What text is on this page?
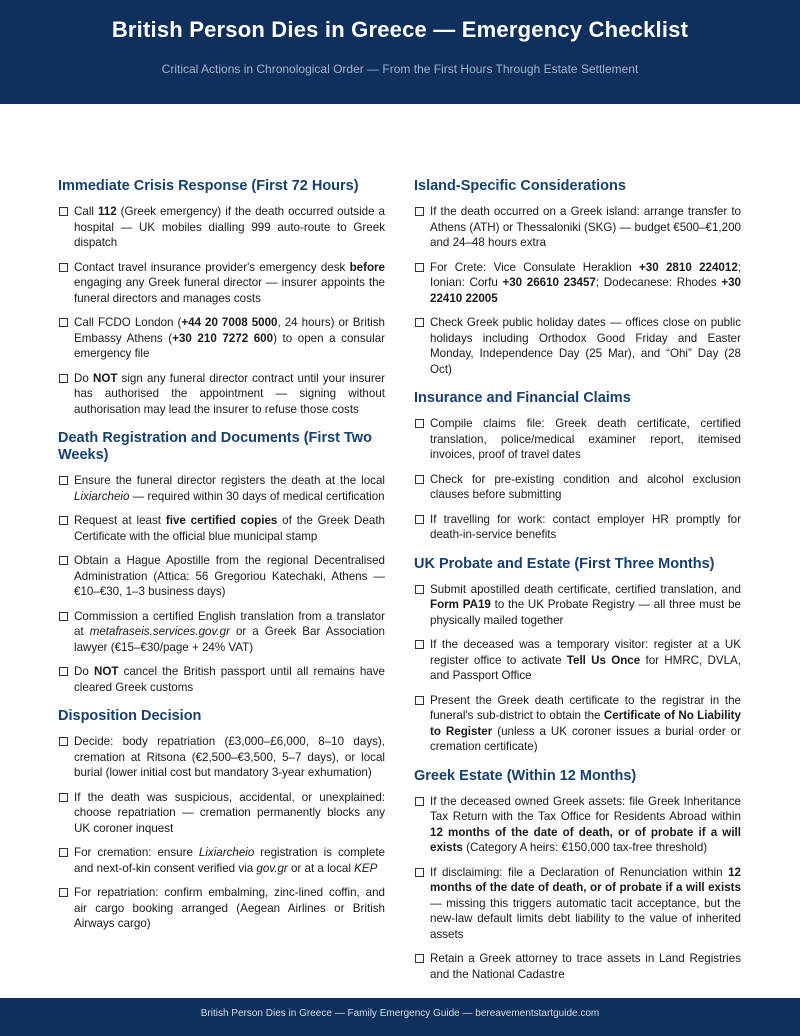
British Person Dies in Greece — Emergency Checklist
Critical Actions in Chronological Order — From the First Hours Through Estate Settlement
Immediate Crisis Response (First 72 Hours)
Call 112 (Greek emergency) if the death occurred outside a hospital — UK mobiles dialling 999 auto-route to Greek dispatch
Contact travel insurance provider's emergency desk before engaging any Greek funeral director — insurer appoints the funeral directors and manages costs
Call FCDO London (+44 20 7008 5000, 24 hours) or British Embassy Athens (+30 210 7272 600) to open a consular emergency file
Do NOT sign any funeral director contract until your insurer has authorised the appointment — signing without authorisation may lead the insurer to refuse those costs
Death Registration and Documents (First Two Weeks)
Ensure the funeral director registers the death at the local Lixiarcheio — required within 30 days of medical certification
Request at least five certified copies of the Greek Death Certificate with the official blue municipal stamp
Obtain a Hague Apostille from the regional Decentralised Administration (Attica: 56 Gregoriou Katechaki, Athens — €10–€30, 1–3 business days)
Commission a certified English translation from a translator at metafraseis.services.gov.gr or a Greek Bar Association lawyer (€15–€30/page + 24% VAT)
Do NOT cancel the British passport until all remains have cleared Greek customs
Disposition Decision
Decide: body repatriation (£3,000–£6,000, 8–10 days), cremation at Ritsona (€2,500–€3,500, 5–7 days), or local burial (lower initial cost but mandatory 3-year exhumation)
If the death was suspicious, accidental, or unexplained: choose repatriation — cremation permanently blocks any UK coroner inquest
For cremation: ensure Lixiarcheio registration is complete and next-of-kin consent verified via gov.gr or at a local KEP
For repatriation: confirm embalming, zinc-lined coffin, and air cargo booking arranged (Aegean Airlines or British Airways cargo)
Island-Specific Considerations
If the death occurred on a Greek island: arrange transfer to Athens (ATH) or Thessaloniki (SKG) — budget €500–€1,200 and 24–48 hours extra
For Crete: Vice Consulate Heraklion +30 2810 224012; Ionian: Corfu +30 26610 23457; Dodecanese: Rhodes +30 22410 22005
Check Greek public holiday dates — offices close on public holidays including Orthodox Good Friday and Easter Monday, Independence Day (25 Mar), and “Ohi” Day (28 Oct)
Insurance and Financial Claims
Compile claims file: Greek death certificate, certified translation, police/medical examiner report, itemised invoices, proof of travel dates
Check for pre-existing condition and alcohol exclusion clauses before submitting
If travelling for work: contact employer HR promptly for death-in-service benefits
UK Probate and Estate (First Three Months)
Submit apostilled death certificate, certified translation, and Form PA19 to the UK Probate Registry — all three must be physically mailed together
If the deceased was a temporary visitor: register at a UK register office to activate Tell Us Once for HMRC, DVLA, and Passport Office
Present the Greek death certificate to the registrar in the funeral's sub-district to obtain the Certificate of No Liability to Register (unless a UK coroner issues a burial order or cremation certificate)
Greek Estate (Within 12 Months)
If the deceased owned Greek assets: file Greek Inheritance Tax Return with the Tax Office for Residents Abroad within 12 months of the date of death, or of probate if a will exists (Category A heirs: €150,000 tax-free threshold)
If disclaiming: file a Declaration of Renunciation within 12 months of the date of death, or of probate if a will exists — missing this triggers automatic tacit acceptance, but the new-law default limits debt liability to the value of inherited assets
Retain a Greek attorney to trace assets in Land Registries and the National Cadastre
British Person Dies in Greece — Family Emergency Guide — bereavementstartguide.com
